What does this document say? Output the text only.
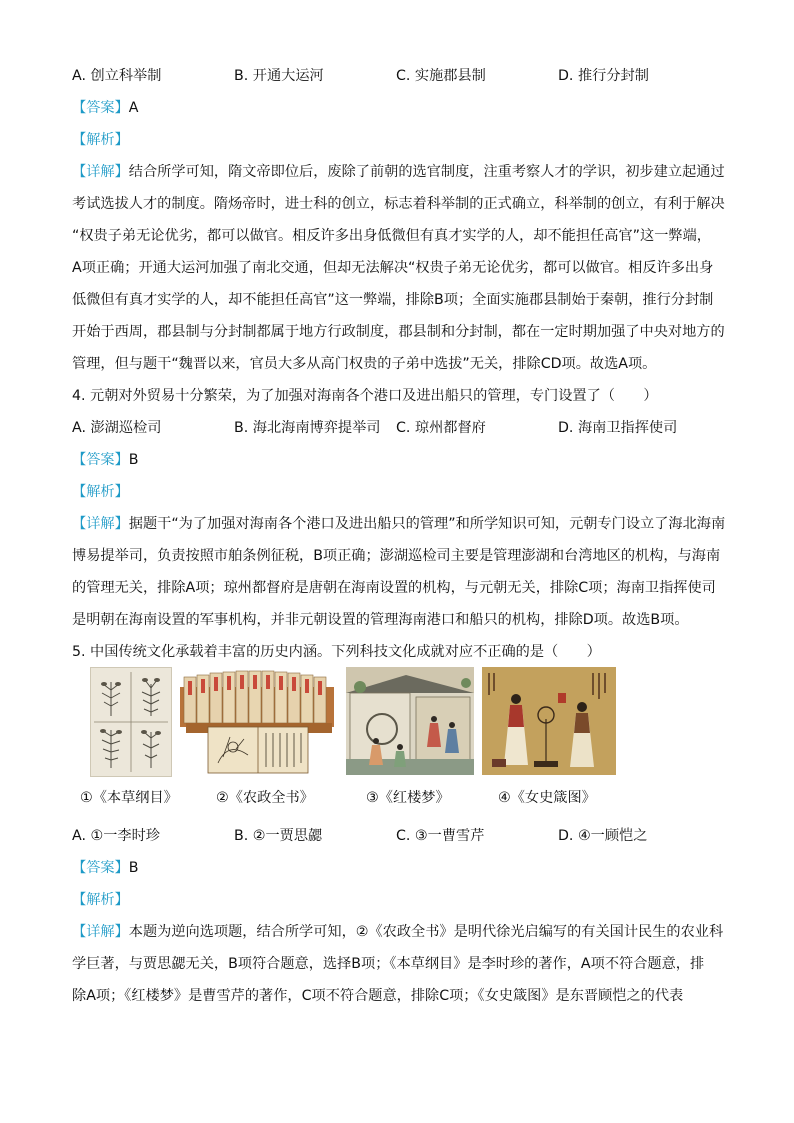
A. 创立科举制	B. 开通大运河	C. 实施郡县制	D. 推行分封制
【答案】A
【解析】
【详解】结合所学可知，隋文帝即位后，废除了前朝的选官制度，注重考察人才的学识，初步建立起通过
考试选拔人才的制度。隋炀帝时，进士科的创立，标志着科举制的正式确立，科举制的创立，有利于解决
“权贵子弟无论优劣，都可以做官。相反许多出身低微但有真才实学的人，却不能担任高官”这一弊端，
A项正确；开通大运河加强了南北交通，但却无法解决“权贵子弟无论优劣，都可以做官。相反许多出身
低微但有真才实学的人，却不能担任高官”这一弊端，排除B项；全面实施郡县制始于秦朝，推行分封制
开始于西周，郡县制与分封制都属于地方行政制度，郡县制和分封制，都在一定时期加强了中央对地方的
管理，但与题干“魏晋以来，官员大多从高门权贵的子弟中选拔”无关，排除CD项。故选A项。
4. 元朝对外贸易十分繁荣，为了加强对海南各个港口及进出船只的管理，专门设置了（　　）
A. 澎湖巡检司	B. 海北海南博弈提举司 C. 琼州都督府	D. 海南卫指挥使司
【答案】B
【解析】
【详解】据题干“为了加强对海南各个港口及进出船只的管理”和所学知识可知，元朝专门设立了海北海南
博易提举司，负责按照市舶条例征税，B项正确；澎湖巡检司主要是管理澎湖和台湾地区的机构，与海南
的管理无关，排除A项；琼州都督府是唐朝在海南设置的机构，与元朝无关，排除C项；海南卫指挥使司
是明朝在海南设置的军事机构，并非元朝设置的管理海南港口和船只的机构，排除D项。故选B项。
5. 中国传统文化承载着丰富的历史内涵。下列科技文化成就对应不正确的是（　　）
①《本草纲目》	②《农政全书》	③《红楼梦》	④《女史箴图》
A. ①一李时珍	B. ②一贾思勰	C. ③一曹雪芹	D. ④一顾恺之
【答案】B
【解析】
【详解】本题为逆向选项题，结合所学可知，②《农政全书》是明代徐光启编写的有关国计民生的农业科
学巨著，与贾思勰无关，B项符合题意，选择B项；《本草纲目》是李时珍的著作，A项不符合题意，排
除A项；《红楼梦》是曹雪芹的著作，C项不符合题意，排除C项；《女史箴图》是东晋顾恺之的代表
